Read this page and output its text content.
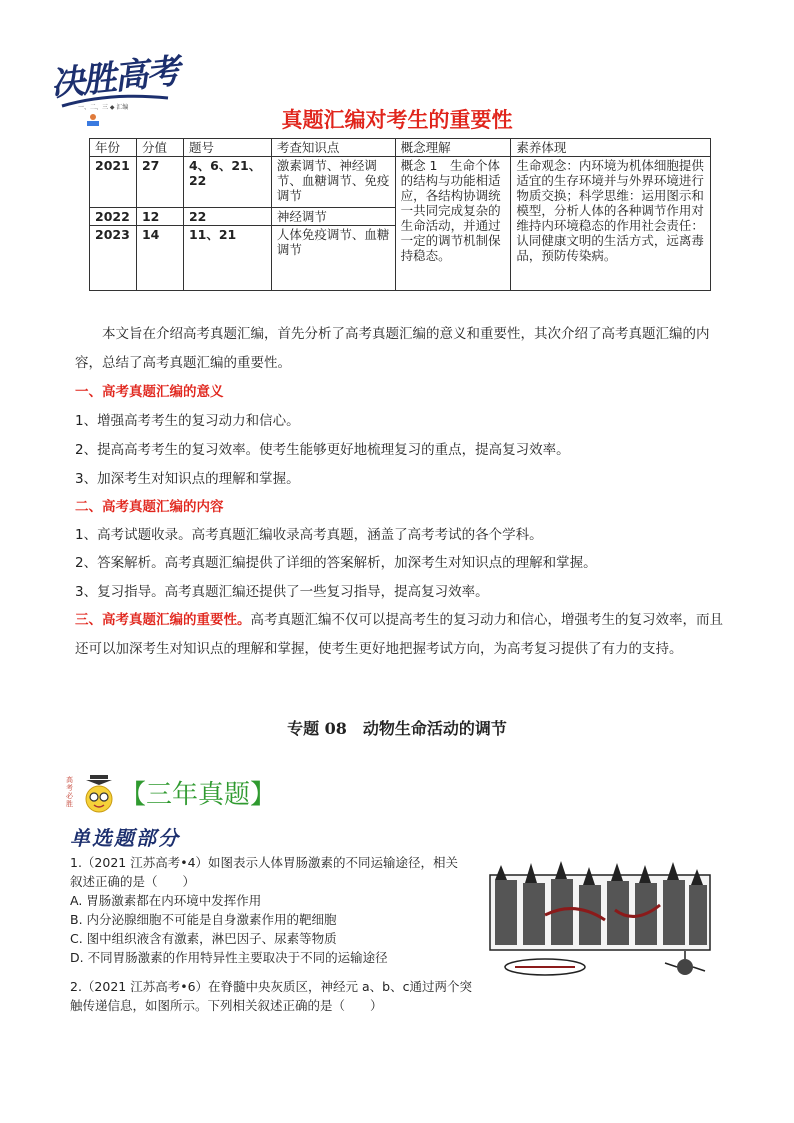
决胜高考
一、二、三 ◆ 汇编
真题汇编对考生的重要性
年份	分值	题号	考查知识点	概念理解	素养体现
2021	27	4、6、21、22	激素调节、神经调节、血糖调节、免疫调节	概念 1　生命个体的结构与功能相适应，各结构协调统一共同完成复杂的生命活动，并通过一定的调节机制保持稳态。	生命观念：内环境为机体细胞提供适宜的生存环境并与外界环境进行物质交换；科学思维：运用图示和模型，分析人体的各种调节作用对维持内环境稳态的作用社会责任：认同健康文明的生活方式，远离毒品，预防传染病。
2022	12	22	神经调节		
2023	14	11、21	人体免疫调节、血糖调节		
本文旨在介绍高考真题汇编，首先分析了高考真题汇编的意义和重要性，其次介绍了高考真题汇编的内容，总结了高考真题汇编的重要性。
一、高考真题汇编的意义
1、增强高考考生的复习动力和信心。
2、提高高考考生的复习效率。使考生能够更好地梳理复习的重点，提高复习效率。
3、加深考生对知识点的理解和掌握。
二、高考真题汇编的内容
1、高考试题收录。高考真题汇编收录高考真题，涵盖了高考考试的各个学科。
2、答案解析。高考真题汇编提供了详细的答案解析，加深考生对知识点的理解和掌握。
3、复习指导。高考真题汇编还提供了一些复习指导，提高复习效率。
三、高考真题汇编的重要性。高考真题汇编不仅可以提高考生的复习动力和信心，增强考生的复习效率，而且还可以加深考生对知识点的理解和掌握，使考生更好地把握考试方向，为高考复习提供了有力的支持。
专题 08　动物生命活动的调节
高考必胜 【三年真题】
单选题部分
1.（2021 江苏高考•4）如图表示人体胃肠激素的不同运输途径，相关叙述正确的是（　　）
A. 胃肠激素都在内环境中发挥作用
B. 内分泌腺细胞不可能是自身激素作用的靶细胞
C. 图中组织液含有激素，淋巴因子、尿素等物质
D. 不同胃肠激素的作用特异性主要取决于不同的运输途径
2.（2021 江苏高考•6）在脊髓中央灰质区，神经元 a、b、c通过两个突触传递信息，如图所示。下列相关叙述正确的是（　　）
